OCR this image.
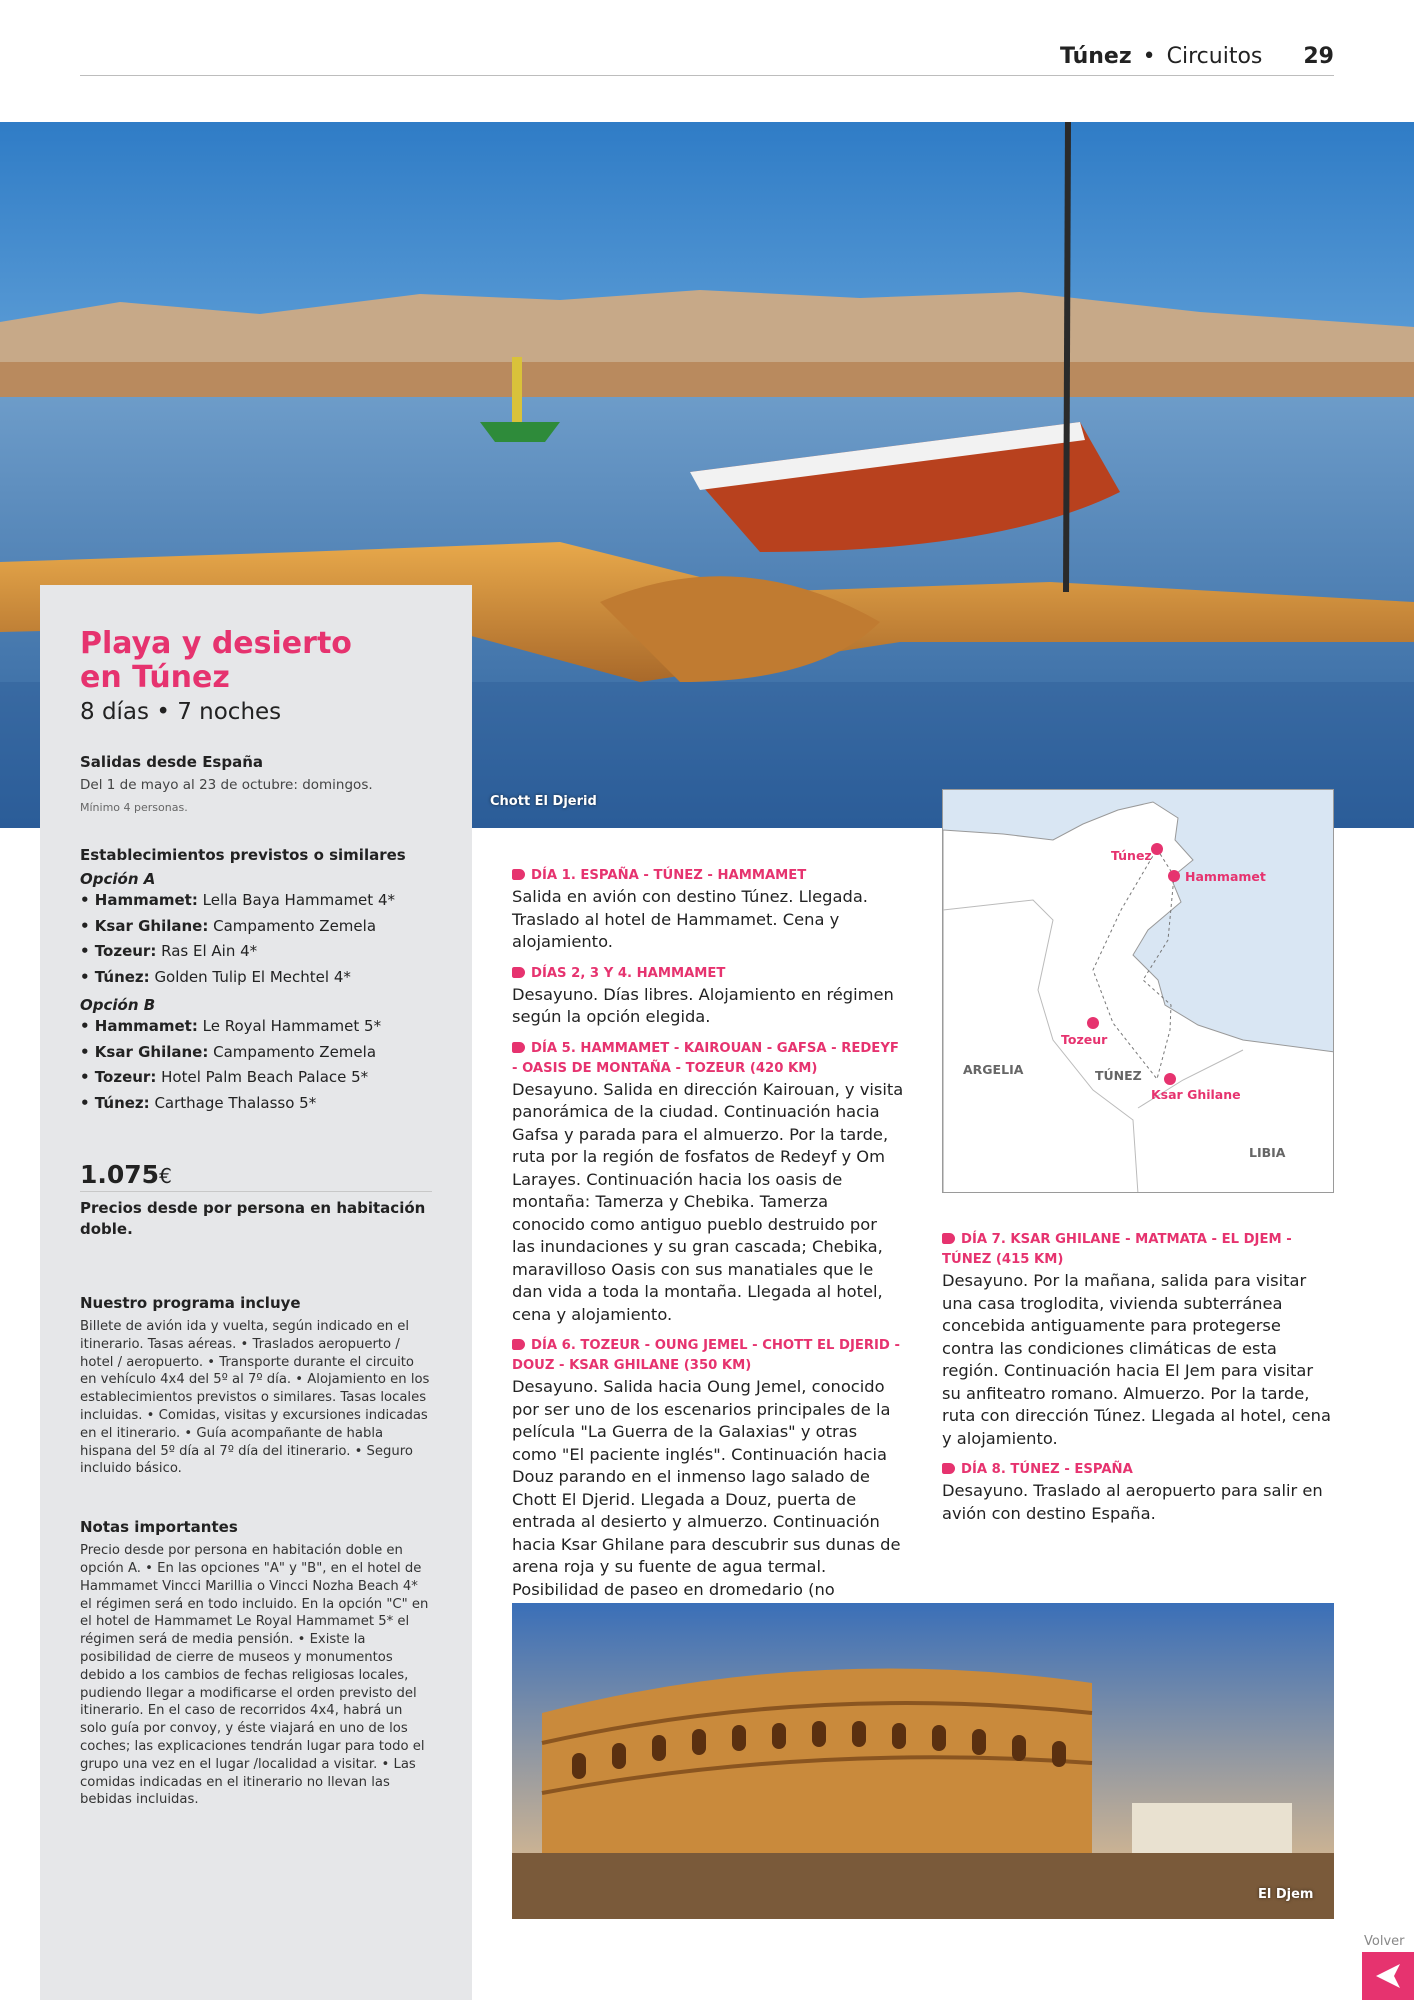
Túnez • Circuitos 29
Chott El Djerid
Playa y desierto en Túnez
8 días • 7 noches
Salidas desde España
Del 1 de mayo al 23 de octubre: domingos.
Mínimo 4 personas.
Establecimientos previstos o similares
Opción A
• Hammamet: Lella Baya Hammamet 4*
• Ksar Ghilane: Campamento Zemela
• Tozeur: Ras El Ain 4*
• Túnez: Golden Tulip El Mechtel 4*
Opción B
• Hammamet: Le Royal Hammamet 5*
• Ksar Ghilane: Campamento Zemela
• Tozeur: Hotel Palm Beach Palace 5*
• Túnez: Carthage Thalasso 5*
1.075€
Precios desde por persona en habitación doble.
Nuestro programa incluye
Billete de avión ida y vuelta, según indicado en el itinerario. Tasas aéreas. • Traslados aeropuerto / hotel / aeropuerto. • Transporte durante el circuito en vehículo 4x4 del 5º al 7º día. • Alojamiento en los establecimientos previstos o similares. Tasas locales incluidas. • Comidas, visitas y excursiones indicadas en el itinerario. • Guía acompañante de habla hispana del 5º día al 7º día del itinerario. • Seguro incluido básico.
Notas importantes
Precio desde por persona en habitación doble en opción A. • En las opciones "A" y "B", en el hotel de Hammamet Vincci Marillia o Vincci Nozha Beach 4* el régimen será en todo incluido. En la opción "C" en el hotel de Hammamet Le Royal Hammamet 5* el régimen será de media pensión. • Existe la posibilidad de cierre de museos y monumentos debido a los cambios de fechas religiosas locales, pudiendo llegar a modificarse el orden previsto del itinerario. En el caso de recorridos 4x4, habrá un solo guía por convoy, y éste viajará en uno de los coches; las explicaciones tendrán lugar para todo el grupo una vez en el lugar /localidad a visitar. • Las comidas indicadas en el itinerario no llevan las bebidas incluidas.
DÍA 1. ESPAÑA - TÚNEZ - HAMMAMET
Salida en avión con destino Túnez. Llegada. Traslado al hotel de Hammamet. Cena y alojamiento.
DÍAS 2, 3 Y 4. HAMMAMET
Desayuno. Días libres. Alojamiento en régimen según la opción elegida.
DÍA 5. HAMMAMET - KAIROUAN - GAFSA - REDEYF - OASIS DE MONTAÑA - TOZEUR (420 KM)
Desayuno. Salida en dirección Kairouan, y visita panorámica de la ciudad. Continuación hacia Gafsa y parada para el almuerzo. Por la tarde, ruta por la región de fosfatos de Redeyf y Om Larayes. Continuación hacia los oasis de montaña: Tamerza y Chebika. Tamerza conocido como antiguo pueblo destruido por las inundaciones y su gran cascada; Chebika, maravilloso Oasis con sus manatiales que le dan vida a toda la montaña. Llegada al hotel, cena y alojamiento.
DÍA 6. TOZEUR - OUNG JEMEL - CHOTT EL DJERID - DOUZ - KSAR GHILANE (350 KM)
Desayuno. Salida hacia Oung Jemel, conocido por ser uno de los escenarios principales de la película "La Guerra de la Galaxias" y otras como "El paciente inglés". Continuación hacia Douz parando en el inmenso lago salado de Chott El Djerid. Llegada a Douz, puerta de entrada al desierto y almuerzo. Continuación hacia Ksar Ghilane para descubrir sus dunas de arena roja y su fuente de agua termal. Posibilidad de paseo en dromedario (no
Túnez
Hammamet
Tozeur
Ksar Ghilane
ARGELIA	TÚNEZ
LIBIA
DÍA 7. KSAR GHILANE - MATMATA - EL DJEM - TÚNEZ (415 KM)
Desayuno. Por la mañana, salida para visitar una casa troglodita, vivienda subterránea concebida antiguamente para protegerse contra las condiciones climáticas de esta región. Continuación hacia El Jem para visitar su anfiteatro romano. Almuerzo. Por la tarde, ruta con dirección Túnez. Llegada al hotel, cena y alojamiento.
DÍA 8. TÚNEZ - ESPAÑA
Desayuno. Traslado al aeropuerto para salir en avión con destino España.
El Djem
Volver
